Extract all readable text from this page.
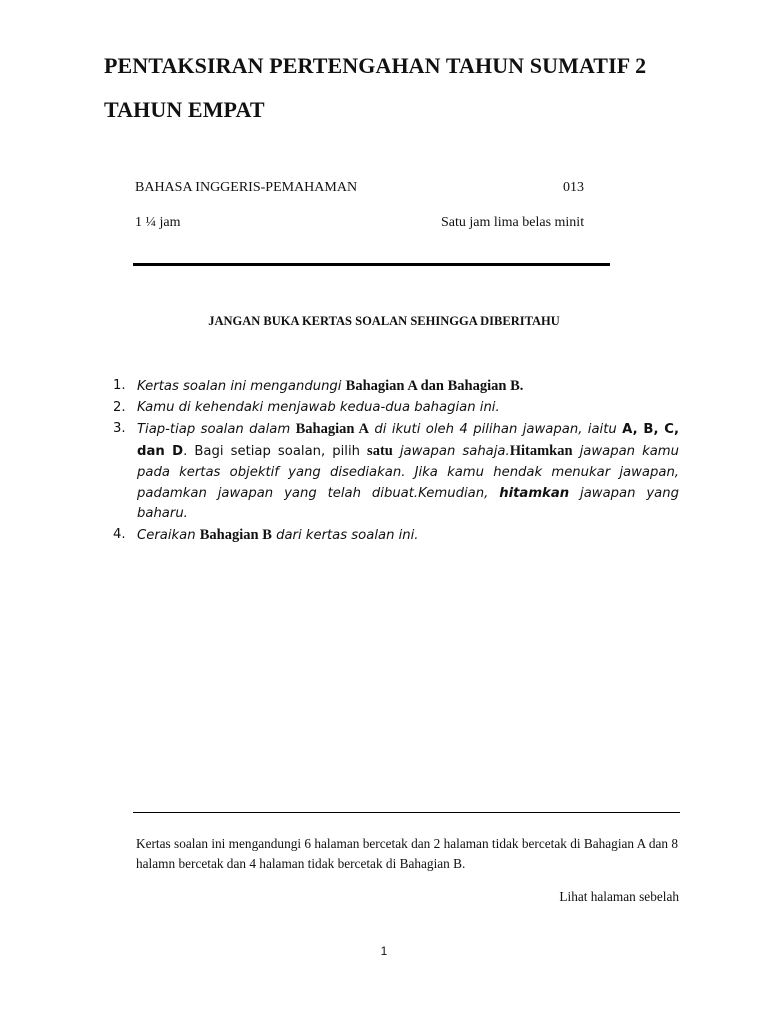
PENTAKSIRAN PERTENGAHAN TAHUN SUMATIF 2
TAHUN EMPAT
BAHASA INGGERIS-PEMAHAMAN	013
1 ¼ jam	Satu jam lima belas minit
JANGAN BUKA KERTAS SOALAN SEHINGGA DIBERITAHU
1. Kertas soalan ini mengandungi Bahagian A dan Bahagian B.
2. Kamu di kehendaki menjawab kedua-dua bahagian ini.
3. Tiap-tiap soalan dalam Bahagian A di ikuti oleh 4 pilihan jawapan, iaitu A, B, C, dan D. Bagi setiap soalan, pilih satu jawapan sahaja.Hitamkan jawapan kamu pada kertas objektif yang disediakan. Jika kamu hendak menukar jawapan, padamkan jawapan yang telah dibuat.Kemudian, hitamkan jawapan yang baharu.
4. Ceraikan Bahagian B dari kertas soalan ini.
Kertas soalan ini mengandungi 6 halaman bercetak dan 2 halaman tidak bercetak di Bahagian A dan 8 halamn bercetak dan 4 halaman tidak bercetak di Bahagian B.
Lihat halaman sebelah
1
